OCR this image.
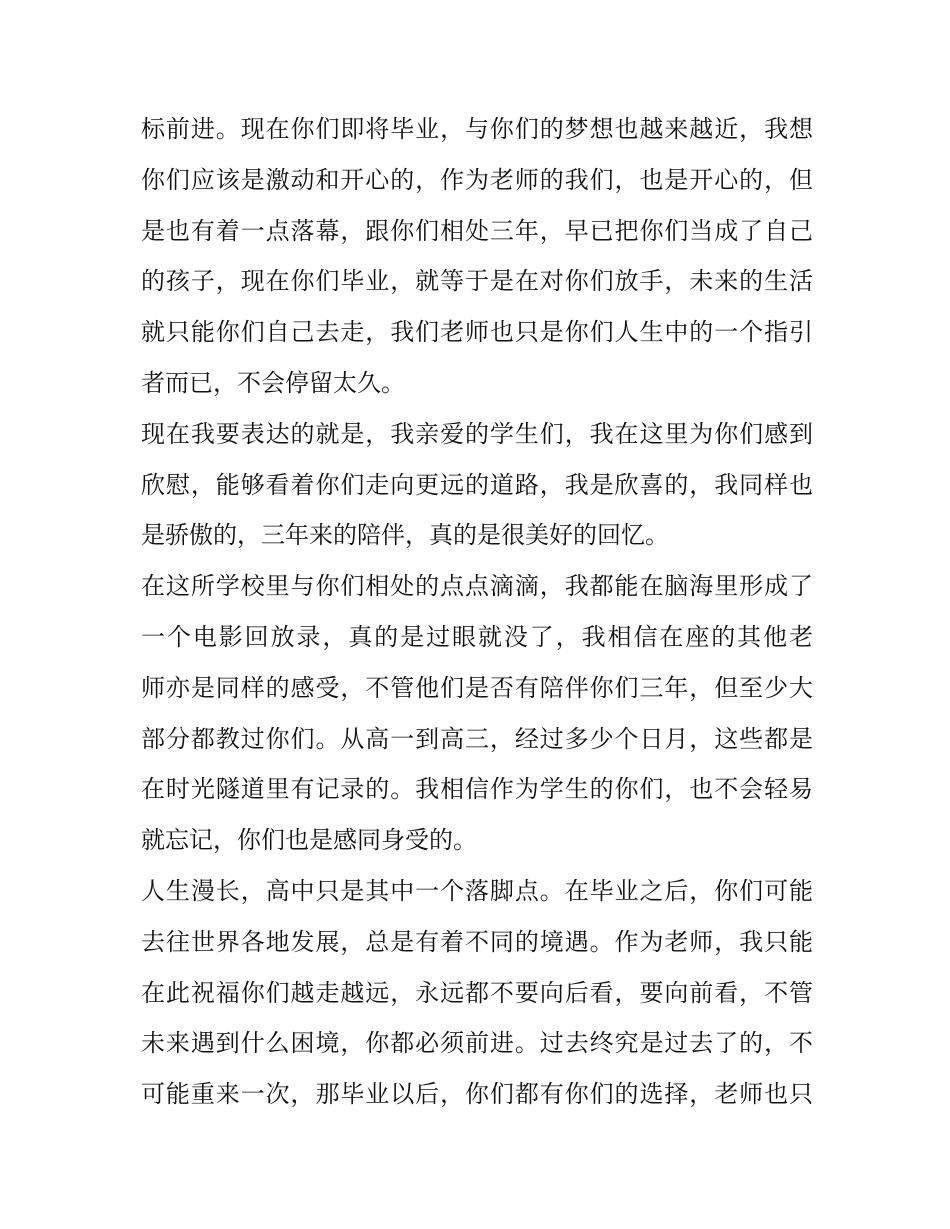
标前进。现在你们即将毕业，与你们的梦想也越来越近，我想
你们应该是激动和开心的，作为老师的我们，也是开心的，但
是也有着一点落幕，跟你们相处三年，早已把你们当成了自己
的孩子，现在你们毕业，就等于是在对你们放手，未来的生活
就只能你们自己去走，我们老师也只是你们人生中的一个指引
者而已，不会停留太久。
现在我要表达的就是，我亲爱的学生们，我在这里为你们感到
欣慰，能够看着你们走向更远的道路，我是欣喜的，我同样也
是骄傲的，三年来的陪伴，真的是很美好的回忆。
在这所学校里与你们相处的点点滴滴，我都能在脑海里形成了
一个电影回放录，真的是过眼就没了，我相信在座的其他老
师亦是同样的感受，不管他们是否有陪伴你们三年，但至少大
部分都教过你们。从高一到高三，经过多少个日月，这些都是
在时光隧道里有记录的。我相信作为学生的你们，也不会轻易
就忘记，你们也是感同身受的。
人生漫长，高中只是其中一个落脚点。在毕业之后，你们可能
去往世界各地发展，总是有着不同的境遇。作为老师，我只能
在此祝福你们越走越远，永远都不要向后看，要向前看，不管
未来遇到什么困境，你都必须前进。过去终究是过去了的，不
可能重来一次，那毕业以后，你们都有你们的选择，老师也只
